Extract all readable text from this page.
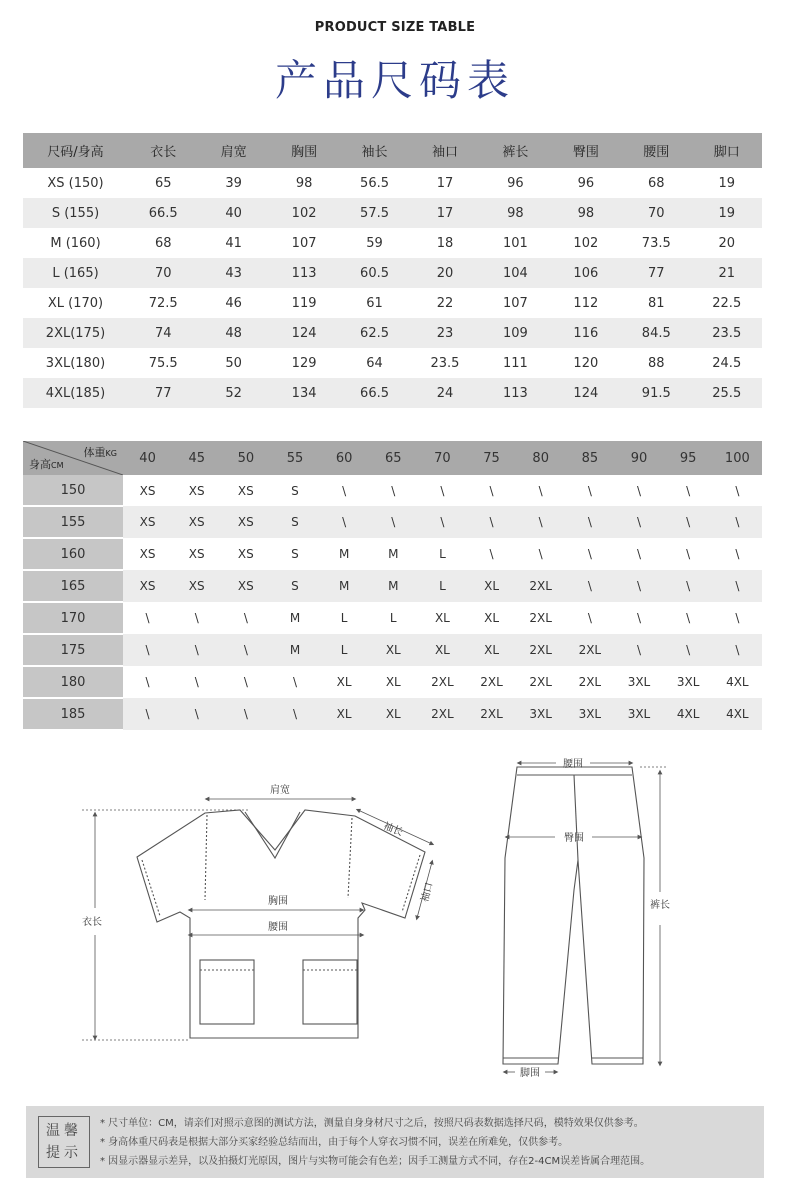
PRODUCT SIZE TABLE
产品尺码表
尺码/身高	衣长	肩宽	胸围	袖长	袖口	裤长	臀围	腰围	脚口
XS (150)	65	39	98	56.5	17	96	96	68	19
S (155)	66.5	40	102	57.5	17	98	98	70	19
M (160)	68	41	107	59	18	101	102	73.5	20
L (165)	70	43	113	60.5	20	104	106	77	21
XL (170)	72.5	46	119	61	22	107	112	81	22.5
2XL(175)	74	48	124	62.5	23	109	116	84.5	23.5
3XL(180)	75.5	50	129	64	23.5	111	120	88	24.5
4XL(185)	77	52	134	66.5	24	113	124	91.5	25.5
体重KG
身高CM	40	45	50	55	60	65	70	75	80	85	90	95	100
150	XS	XS	XS	S	\	\	\	\	\	\	\	\	\
155	XS	XS	XS	S	\	\	\	\	\	\	\	\	\
160	XS	XS	XS	S	M	M	L	\	\	\	\	\	\
165	XS	XS	XS	S	M	M	L	XL	2XL	\	\	\	\
170	\	\	\	M	L	L	XL	XL	2XL	\	\	\	\
175	\	\	\	M	L	XL	XL	XL	2XL	2XL	\	\	\
180	\	\	\	\	XL	XL	2XL	2XL	2XL	2XL	3XL	3XL	4XL
185	\	\	\	\	XL	XL	2XL	2XL	3XL	3XL	3XL	4XL	4XL
肩宽
袖长
袖口
胸围
腰围
衣长
腰围
臀围
裤长
脚围
温馨
提示
* 尺寸单位：CM，请亲们对照示意图的测试方法，测量自身身材尺寸之后，按照尺码表数据选择尺码，模特效果仅供参考。
* 身高体重尺码表是根据大部分买家经验总结而出，由于每个人穿衣习惯不同，误差在所难免，仅供参考。
* 因显示器显示差异，以及拍摄灯光原因，图片与实物可能会有色差；因手工测量方式不同，存在2-4CM误差皆属合理范围。
